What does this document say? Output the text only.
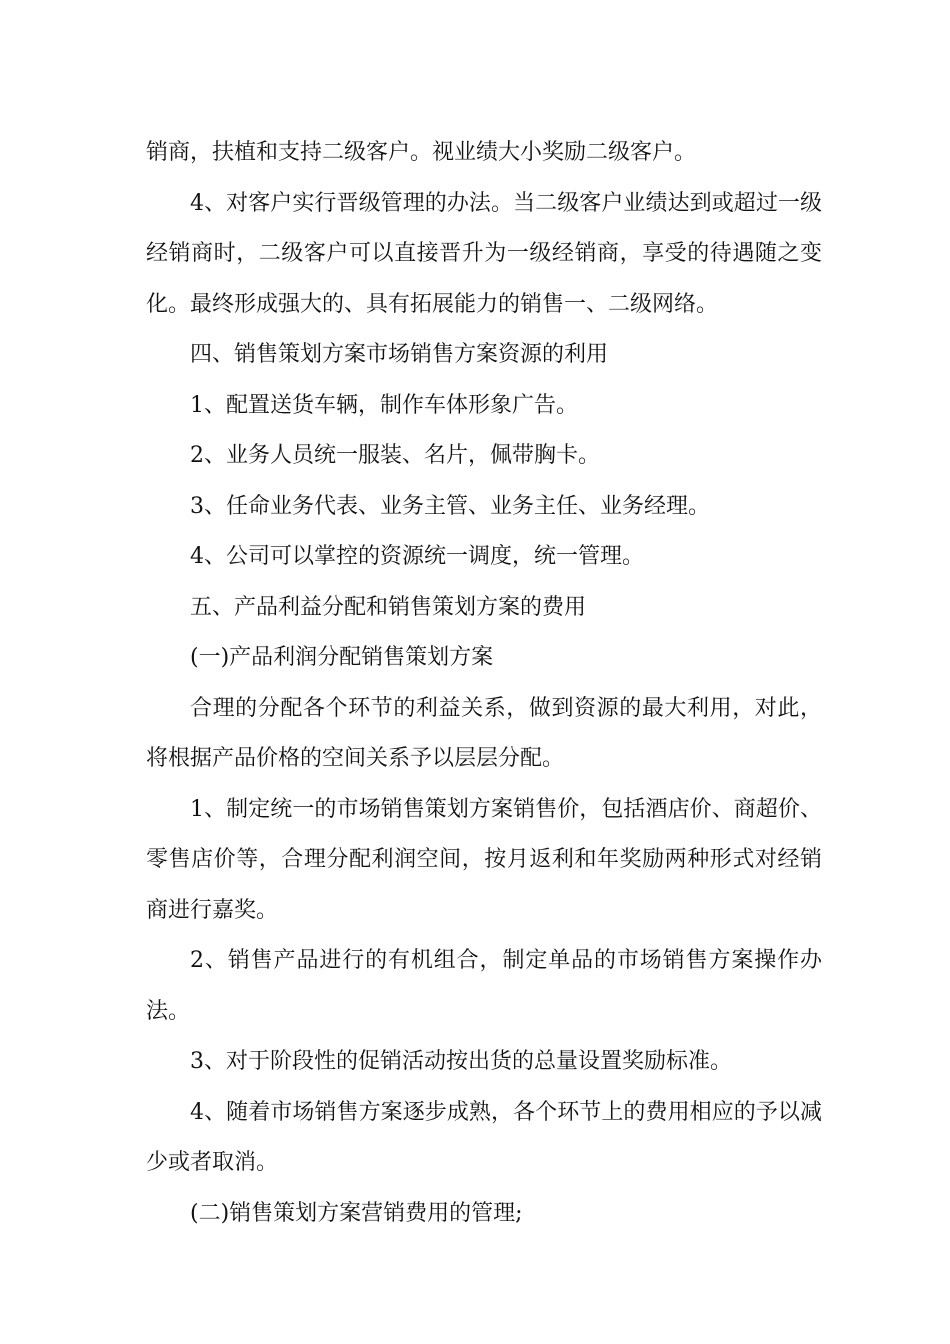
销商，扶植和支持二级客户。视业绩大小奖励二级客户。

4、对客户实行晋级管理的办法。当二级客户业绩达到或超过一级经销商时，二级客户可以直接晋升为一级经销商，享受的待遇随之变化。最终形成强大的、具有拓展能力的销售一、二级网络。

四、销售策划方案市场销售方案资源的利用

1、配置送货车辆，制作车体形象广告。

2、业务人员统一服装、名片，佩带胸卡。

3、任命业务代表、业务主管、业务主任、业务经理。

4、公司可以掌控的资源统一调度，统一管理。

五、产品利益分配和销售策划方案的费用

(一)产品利润分配销售策划方案

合理的分配各个环节的利益关系，做到资源的最大利用，对此，将根据产品价格的空间关系予以层层分配。

1、制定统一的市场销售策划方案销售价，包括酒店价、商超价、零售店价等，合理分配利润空间，按月返利和年奖励两种形式对经销商进行嘉奖。

2、销售产品进行的有机组合，制定单品的市场销售方案操作办法。

3、对于阶段性的促销活动按出货的总量设置奖励标准。

4、随着市场销售方案逐步成熟，各个环节上的费用相应的予以减少或者取消。

(二)销售策划方案营销费用的管理;
